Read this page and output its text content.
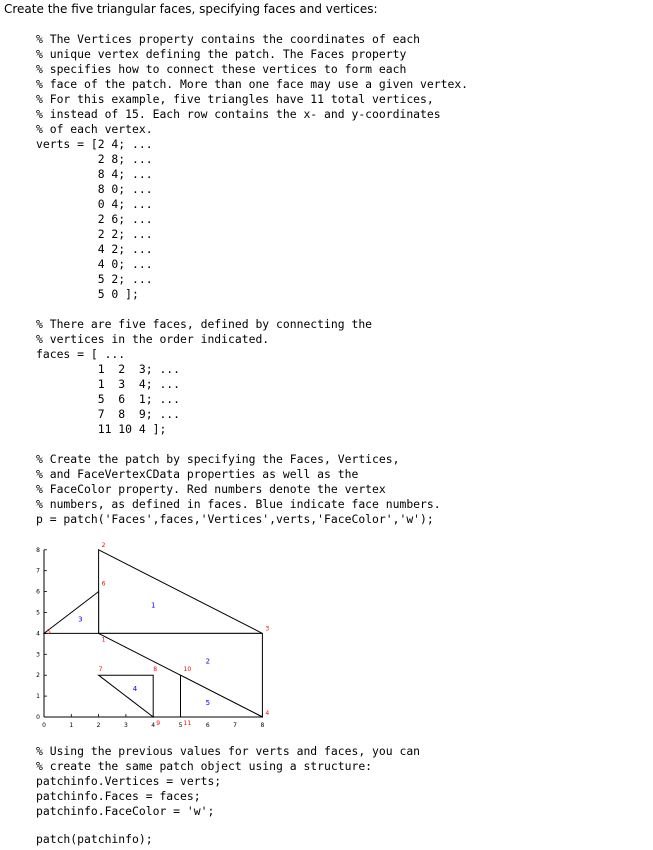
Create the five triangular faces, specifying faces and vertices:
% The Vertices property contains the coordinates of each
% unique vertex defining the patch. The Faces property
% specifies how to connect these vertices to form each
% face of the patch. More than one face may use a given vertex.
% For this example, five triangles have 11 total vertices,
% instead of 15. Each row contains the x- and y-coordinates
% of each vertex.
verts = [2 4; ...
2 8; ...
8 4; ...
8 0; ...
0 4; ...
2 6; ...
2 2; ...
4 2; ...
4 0; ...
5 2; ...
5 0 ];
% There are five faces, defined by connecting the
% vertices in the order indicated.
faces = [ ...
1  2  3; ...
1  3  4; ...
5  6  1; ...
7  8  9; ...
11 10 4 ];
% Create the patch by specifying the Faces, Vertices,
% and FaceVertexCData properties as well as the
% FaceColor property. Red numbers denote the vertex
% numbers, as defined in faces. Blue indicate face numbers.
p = patch('Faces',faces,'Vertices',verts,'FaceColor','w');
0	1	2	3	4	5	6	7	8
0
1
2
3
4
5
6
7
8
1
2
3
4
5
1
2
3
4
5
6
7	8
9
10
11
% Using the previous values for verts and faces, you can
% create the same patch object using a structure:
patchinfo.Vertices = verts;
patchinfo.Faces = faces;
patchinfo.FaceColor = 'w';
patch(patchinfo);
